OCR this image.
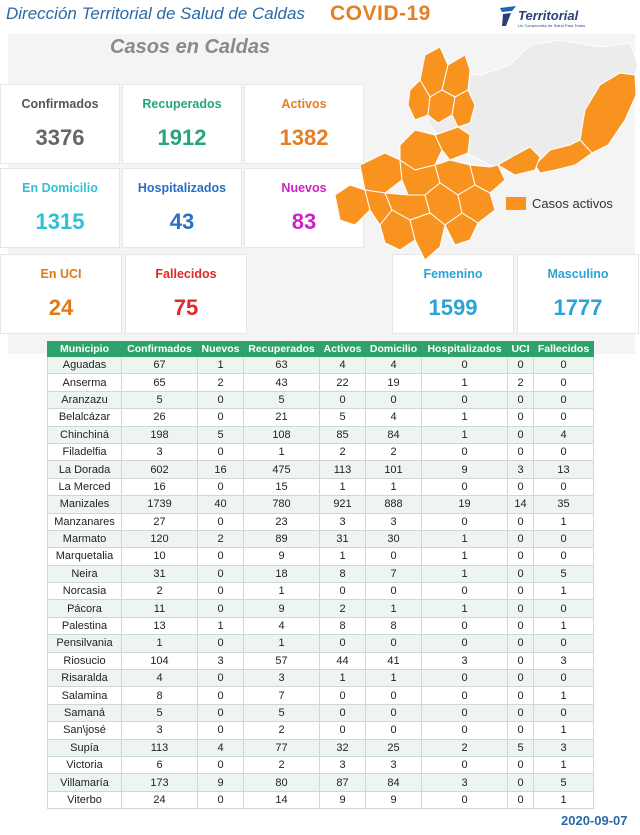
Dirección Territorial de Salud de Caldas COVID-19	Territorial
Un Compromiso de Salud Para Todos
Casos en Caldas
Confirmados
3376
Recuperados
1912
Activos
1382
En Domicilio
1315
Hospitalizados
43
Nuevos
83
En UCI
24
Fallecidos
75
Femenino
1599
Masculino
1777
Casos activos
Municipio	Confirmados	Nuevos	Recuperados	Activos	Domicilio	Hospitalizados	UCI	Fallecidos
Aguadas	67	1	63	4	4	0	0	0
Anserma	65	2	43	22	19	1	2	0
Aranzazu	5	0	5	0	0	0	0	0
Belalcázar	26	0	21	5	4	1	0	0
Chinchiná	198	5	108	85	84	1	0	4
Filadelfia	3	0	1	2	2	0	0	0
La Dorada	602	16	475	113	101	9	3	13
La Merced	16	0	15	1	1	0	0	0
Manizales	1739	40	780	921	888	19	14	35
Manzanares	27	0	23	3	3	0	0	1
Marmato	120	2	89	31	30	1	0	0
Marquetalia	10	0	9	1	0	1	0	0
Neira	31	0	18	8	7	1	0	5
Norcasia	2	0	1	0	0	0	0	1
Pácora	11	0	9	2	1	1	0	0
Palestina	13	1	4	8	8	0	0	1
Pensilvania	1	0	1	0	0	0	0	0
Riosucio	104	3	57	44	41	3	0	3
Risaralda	4	0	3	1	1	0	0	0
Salamina	8	0	7	0	0	0	0	1
Samaná	5	0	5	0	0	0	0	0
San\josé	3	0	2	0	0	0	0	1
Supía	113	4	77	32	25	2	5	3
Victoria	6	0	2	3	3	0	0	1
Villamaría	173	9	80	87	84	3	0	5
Viterbo	24	0	14	9	9	0	0	1
2020-09-07
